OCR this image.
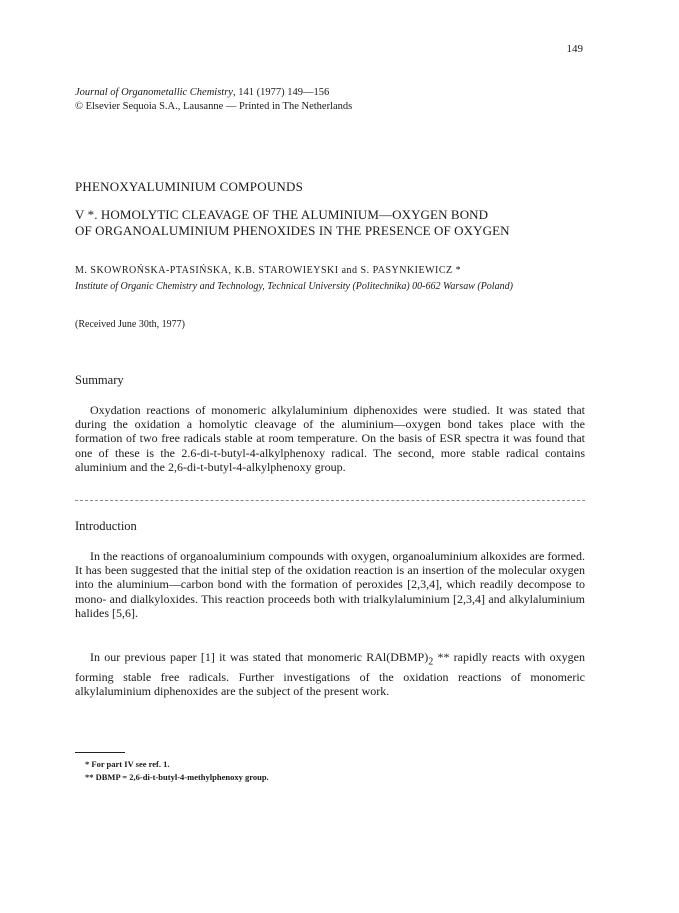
149
Journal of Organometallic Chemistry, 141 (1977) 149—156
© Elsevier Sequoia S.A., Lausanne — Printed in The Netherlands
PHENOXYALUMINIUM COMPOUNDS
V *. HOMOLYTIC CLEAVAGE OF THE ALUMINIUM—OXYGEN BOND
OF ORGANOALUMINIUM PHENOXIDES IN THE PRESENCE OF OXYGEN
M. SKOWROŃSKA-PTASIŃSKA, K.B. STAROWIEYSKI and S. PASYNKIEWICZ *
Institute of Organic Chemistry and Technology, Technical University (Politechnika) 00-662 Warsaw (Poland)
(Received June 30th, 1977)
Summary

Oxydation reactions of monomeric alkylaluminium diphenoxides were studied. It was stated that during the oxidation a homolytic cleavage of the aluminium—oxygen bond takes place with the formation of two free radicals stable at room temperature. On the basis of ESR spectra it was found that one of these is the 2.6-di-t-butyl-4-alkylphenoxy radical. The second, more stable radical contains aluminium and the 2,6-di-t-butyl-4-alkylphenoxy group.

Introduction

In the reactions of organoaluminium compounds with oxygen, organoaluminium alkoxides are formed. It has been suggested that the initial step of the oxidation reaction is an insertion of the molecular oxygen into the aluminium—carbon bond with the formation of peroxides [2,3,4], which readily decompose to mono- and dialkyloxides. This reaction proceeds both with trialkylaluminium [2,3,4] and alkylaluminium halides [5,6].

In our previous paper [1] it was stated that monomeric $RAl(DBMP)_2$ ** rapidly reacts with oxygen forming stable free radicals. Further investigations of the oxidation reactions of monomeric alkylaluminium diphenoxides are the subject of the present work.

* For part IV see ref. 1.
** DBMP = 2,6-di-t-butyl-4-methylphenoxy group.
